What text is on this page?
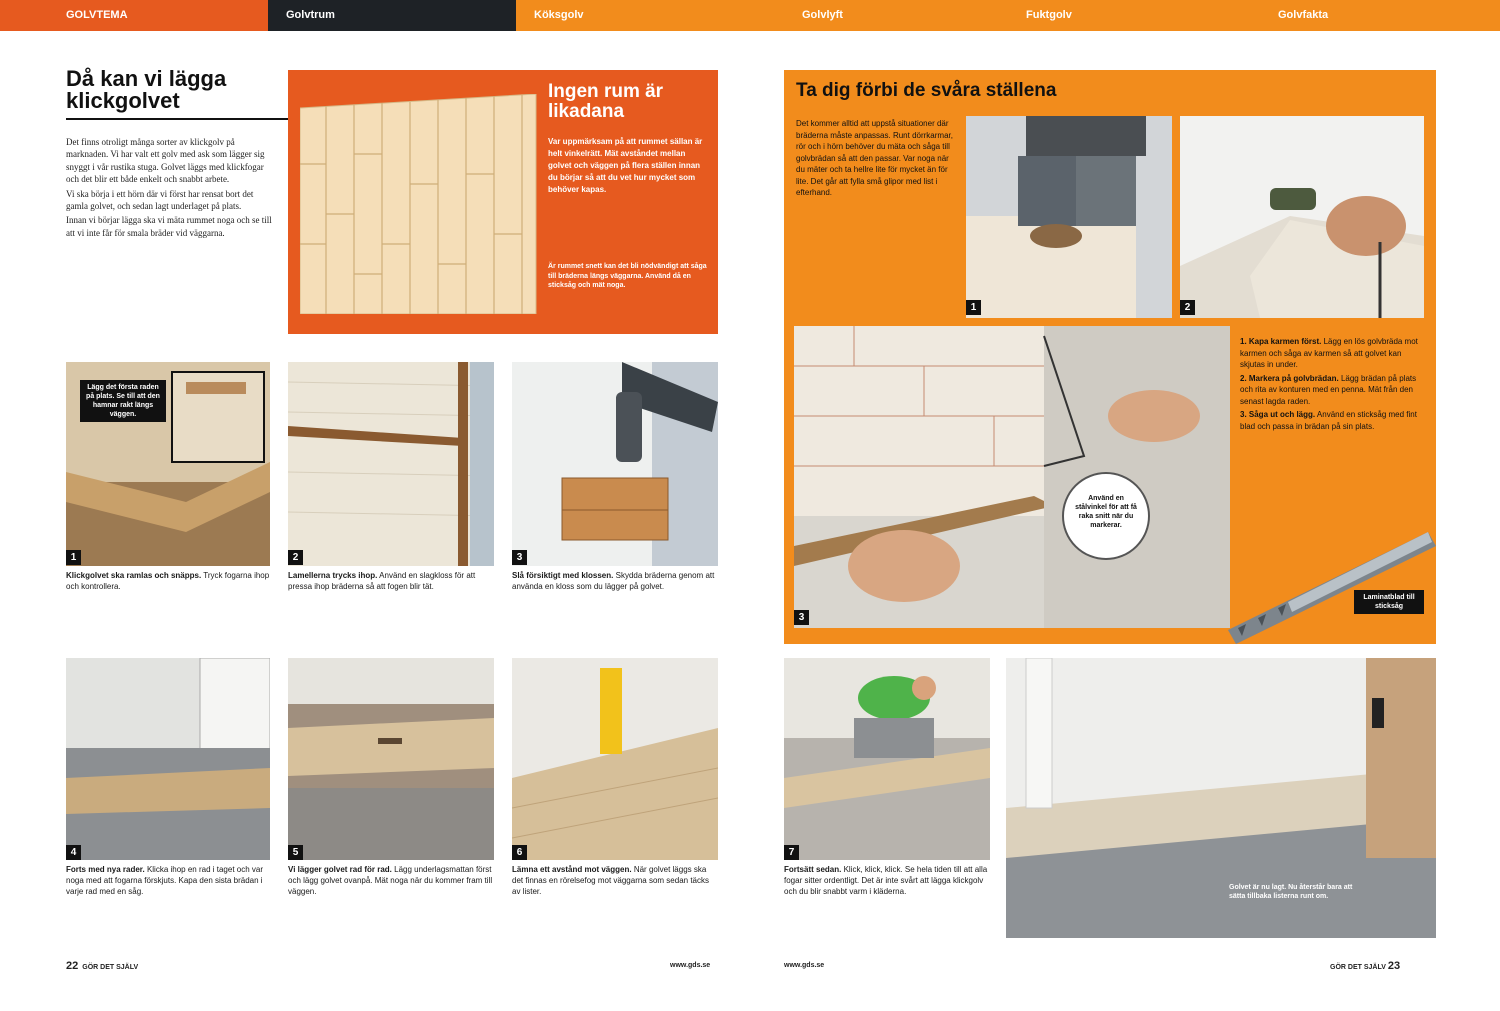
GOLVTEMA	Golvtrum	Köksgolv	Golvlyft	Fuktgolv	Golvfakta
Då kan vi lägga klickgolvet

Det finns otroligt många sorter av klickgolv på marknaden. Vi har valt ett golv med ask som lägger sig snyggt i vår rustika stuga. Golvet läggs med klickfogar och det blir ett både enkelt och snabbt arbete.

Vi ska börja i ett hörn där vi först har rensat bort det gamla golvet, och sedan lagt underlaget på plats.

Innan vi börjar lägga ska vi mäta rummet noga och se till att vi inte får för smala bräder vid väggarna.

Ingen rum är likadana
Var uppmärksam på att rummet sällan är helt vinkelrätt. Mät avståndet mellan golvet och väggen på flera ställen innan du börjar så att du vet hur mycket som behöver kapas.
Är rummet snett kan det bli nödvändigt att såga till bräderna längs väggarna. Använd då en sticksåg och mät noga.
Lägg det första raden på plats. Se till att den hamnar rakt längs väggen.
1
Klickgolvet ska ramlas och snäpps. Tryck fogarna ihop och kontrollera.
2
Lamellerna trycks ihop. Använd en slagkloss för att pressa ihop bräderna så att fogen blir tät.
3
Slå försiktigt med klossen. Skydda bräderna genom att använda en kloss som du lägger på golvet.
4
Forts med nya rader. Klicka ihop en rad i taget och var noga med att fogarna förskjuts. Kapa den sista brädan i varje rad med en såg.
5
Vi lägger golvet rad för rad. Lägg underlagsmattan först och lägg golvet ovanpå. Mät noga när du kommer fram till väggen.
6
Lämna ett avstånd mot väggen. När golvet läggs ska det finnas en rörelsefog mot väggarna som sedan täcks av lister.
22 GÖR DET SJÄLV	www.gds.se
Ta dig förbi de svåra ställena
Det kommer alltid att uppstå situationer där bräderna måste anpassas. Runt dörrkarmar, rör och i hörn behöver du mäta och såga till golvbrädan så att den passar. Var noga när du mäter och ta hellre lite för mycket än för lite. Det går att fylla små glipor med list i efterhand.
1	2
3
Använd en stålvinkel för att få raka snitt när du markerar.

1. Kapa karmen först. Lägg en lös golvbräda mot karmen och såga av karmen så att golvet kan skjutas in under.

2. Markera på golvbrädan. Lägg brädan på plats och rita av konturen med en penna. Mät från den senast lagda raden.

3. Såga ut och lägg. Använd en sticksåg med fint blad och passa in brädan på sin plats.

Laminatblad till sticksåg
7
Fortsätt sedan. Klick, klick, klick. Se hela tiden till att alla fogar sitter ordentligt. Det är inte svårt att lägga klickgolv och du blir snabbt varm i kläderna.	Golvet är nu lagt. Nu återstår bara att sätta tillbaka listerna runt om.
www.gds.se	GÖR DET SJÄLV 23
